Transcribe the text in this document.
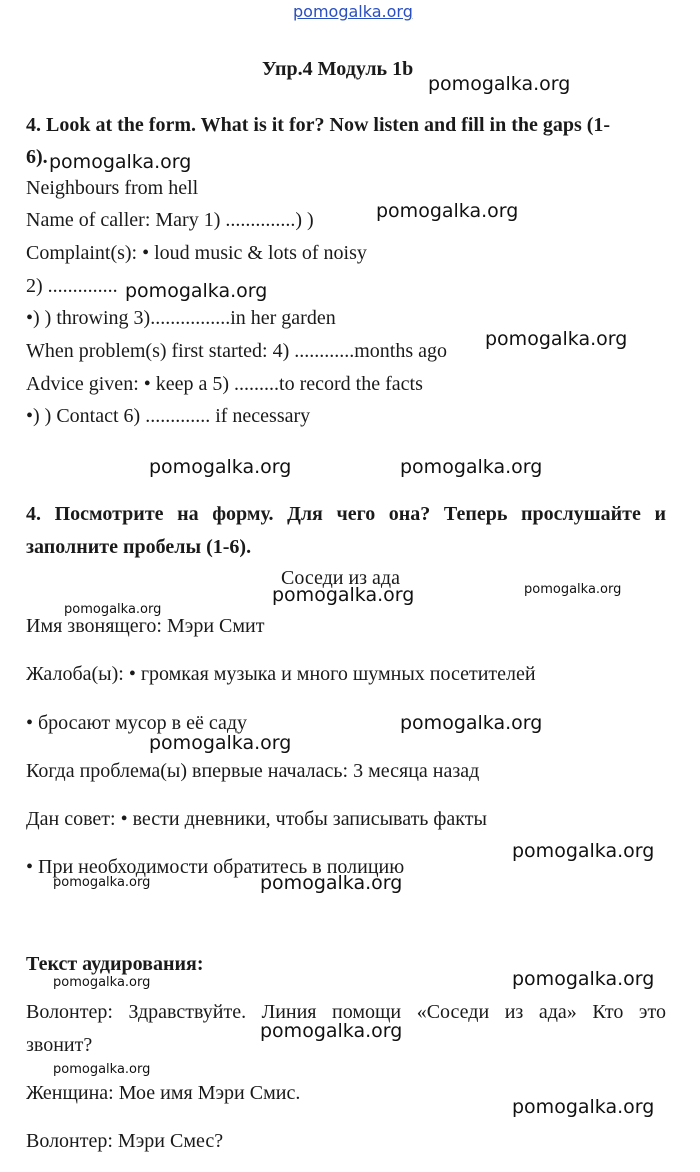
pomogalka.org
Упр.4 Модуль 1b
4. Look at the form. What is it for? Now listen and fill in the gaps (1-
6).
Neighbours from hell
Name of caller: Mary 1) ..............) )
Complaint(s): • loud music & lots of noisy
2) ..............
•) ) throwing 3)................in her garden
When problem(s) first started: 4) ............months ago
Advice given: • keep a 5) .........to record the facts
•) ) Contact 6) ............. if necessary
4. Посмотрите на форму. Для чего она? Теперь прослушайте и
заполните пробелы (1-6).
Соседи из ада
Имя звонящего: Мэри Смит
Жалоба(ы): • громкая музыка и много шумных посетителей
• бросают мусор в её саду
Когда проблема(ы) впервые началась: 3 месяца назад
Дан совет: • вести дневники, чтобы записывать факты
• При необходимости обратитесь в полицию
Текст аудирования:
Волонтер: Здравствуйте. Линия помощи «Соседи из ада» Кто это
звонит?
Женщина: Мое имя Мэри Смис.
Волонтер: Мэри Смес?
pomogalka.org
pomogalka.org
pomogalka.org
pomogalka.org
pomogalka.org
pomogalka.org	pomogalka.org
pomogalka.org
pomogalka.org
pomogalka.org
pomogalka.org
pomogalka.org
pomogalka.org
pomogalka.org
pomogalka.org
pomogalka.org
pomogalka.org
pomogalka.org
pomogalka.org
pomogalka.org
